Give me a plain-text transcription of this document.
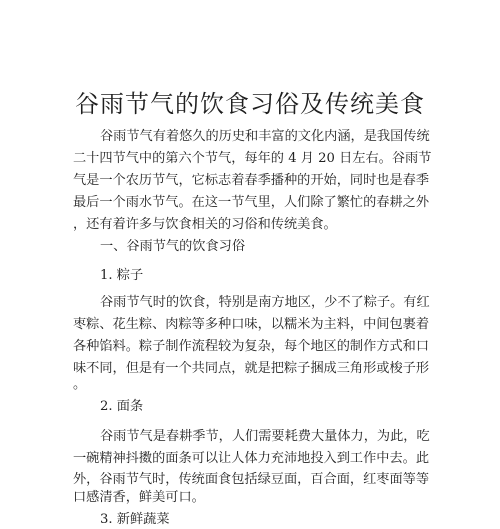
谷雨节气的饮食习俗及传统美食
谷雨节气有着悠久的历史和丰富的文化内涵，是我国传统
二十四节气中的第六个节气，每年的 4 月 20 日左右。谷雨节
气是一个农历节气，它标志着春季播种的开始，同时也是春季
最后一个雨水节气。在这一节气里，人们除了繁忙的春耕之外
，还有着许多与饮食相关的习俗和传统美食。
一、谷雨节气的饮食习俗
1. 粽子
谷雨节气时的饮食，特别是南方地区，少不了粽子。有红
枣粽、花生粽、肉粽等多种口味，以糯米为主料，中间包裹着
各种馅料。粽子制作流程较为复杂，每个地区的制作方式和口
味不同，但是有一个共同点，就是把粽子捆成三角形或梭子形
。
2. 面条
谷雨节气是春耕季节，人们需要耗费大量体力，为此，吃
一碗精神抖擞的面条可以让人体力充沛地投入到工作中去。此
外，谷雨节气时，传统面食包括绿豆面，百合面，红枣面等等
口感清香，鲜美可口。
3. 新鲜蔬菜
